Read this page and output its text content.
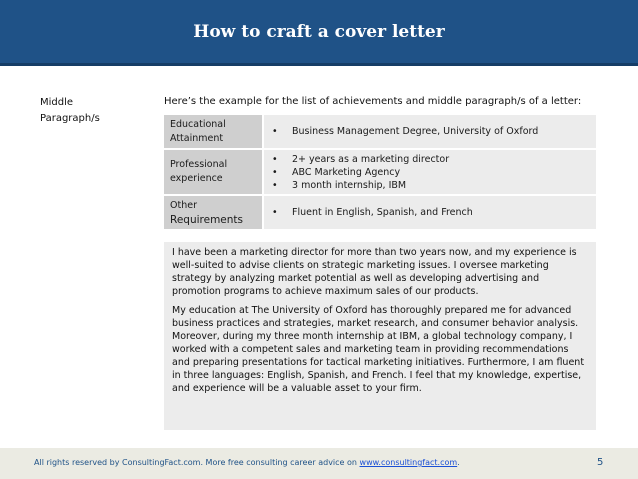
How to craft a cover letter
Middle
Paragraph/s
Here’s the example for the list of achievements and middle paragraph/s of a letter:
Educational
Attainment
•	Business Management Degree, University of Oxford
Professional
experience
•	2+ years as a marketing director
•	ABC Marketing Agency
•	3 month internship, IBM
Other
Requirements
•	Fluent in English, Spanish, and French

I have been a marketing director for more than two years now, and my experience is well-suited to advise clients on strategic marketing issues. I oversee marketing strategy by analyzing market potential as well as developing advertising and promotion programs to achieve maximum sales of our products.

My education at The University of Oxford has thoroughly prepared me for advanced business practices and strategies, market research, and consumer behavior analysis. Moreover, during my three month internship at IBM, a global technology company, I worked with a competent sales and marketing team in providing recommendations and preparing presentations for tactical marketing initiatives. Furthermore, I am fluent in three languages: English, Spanish, and French. I feel that my knowledge, expertise, and experience will be a valuable asset to your firm.

All rights reserved by ConsultingFact.com. More free consulting career advice on www.consultingfact.com.	5
